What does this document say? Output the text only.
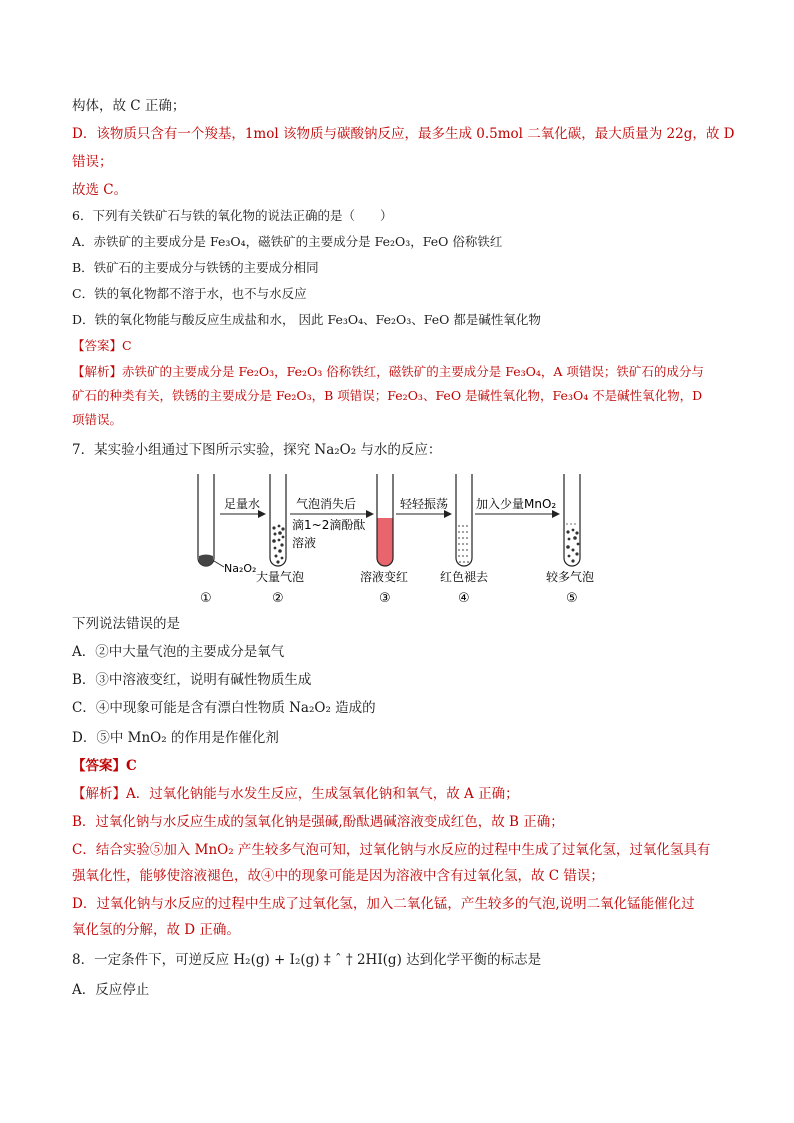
构体，故 C 正确；
D．该物质只含有一个羧基，1mol 该物质与碳酸钠反应，最多生成 0.5mol 二氧化碳，最大质量为 22g，故 D
错误；
故选 C。
6．下列有关铁矿石与铁的氧化物的说法正确的是（　　）
A．赤铁矿的主要成分是 Fe₃O₄，磁铁矿的主要成分是 Fe₂O₃，FeO 俗称铁红
B．铁矿石的主要成分与铁锈的主要成分相同
C．铁的氧化物都不溶于水，也不与水反应
D．铁的氧化物能与酸反应生成盐和水， 因此 Fe₃O₄、Fe₂O₃、FeO 都是碱性氧化物
【答案】C
【解析】赤铁矿的主要成分是 Fe₂O₃，Fe₂O₃ 俗称铁红，磁铁矿的主要成分是 Fe₃O₄，A 项错误；铁矿石的成分与
矿石的种类有关，铁锈的主要成分是 Fe₂O₃，B 项错误；Fe₂O₃、FeO 是碱性氧化物，Fe₃O₄ 不是碱性氧化物，D
项错误。
7．某实验小组通过下图所示实验，探究 Na₂O₂ 与水的反应：
Na₂O₂
足量水	气泡消失后
滴1~2滴酚酞
溶液
轻轻振荡 加入少量MnO₂
大量气泡	溶液变红	红色褪去	较多气泡
①	②	③	④	⑤
下列说法错误的是
A．②中大量气泡的主要成分是氧气
B．③中溶液变红，说明有碱性物质生成
C．④中现象可能是含有漂白性物质 Na₂O₂ 造成的
D．⑤中 MnO₂ 的作用是作催化剂
【答案】C
【解析】A．过氧化钠能与水发生反应，生成氢氧化钠和氧气，故 A 正确；
B．过氧化钠与水反应生成的氢氧化钠是强碱,酚酞遇碱溶液变成红色，故 B 正确；
C．结合实验⑤加入 MnO₂ 产生较多气泡可知，过氧化钠与水反应的过程中生成了过氧化氢，过氧化氢具有
强氧化性，能够使溶液褪色，故④中的现象可能是因为溶液中含有过氧化氢，故 C 错误；
D．过氧化钠与水反应的过程中生成了过氧化氢，加入二氧化锰，产生较多的气泡,说明二氧化锰能催化过
氧化氢的分解，故 D 正确。
8．一定条件下，可逆反应 H₂(g) + I₂(g) ‡ ˆ † 2HI(g) 达到化学平衡的标志是
A．反应停止
